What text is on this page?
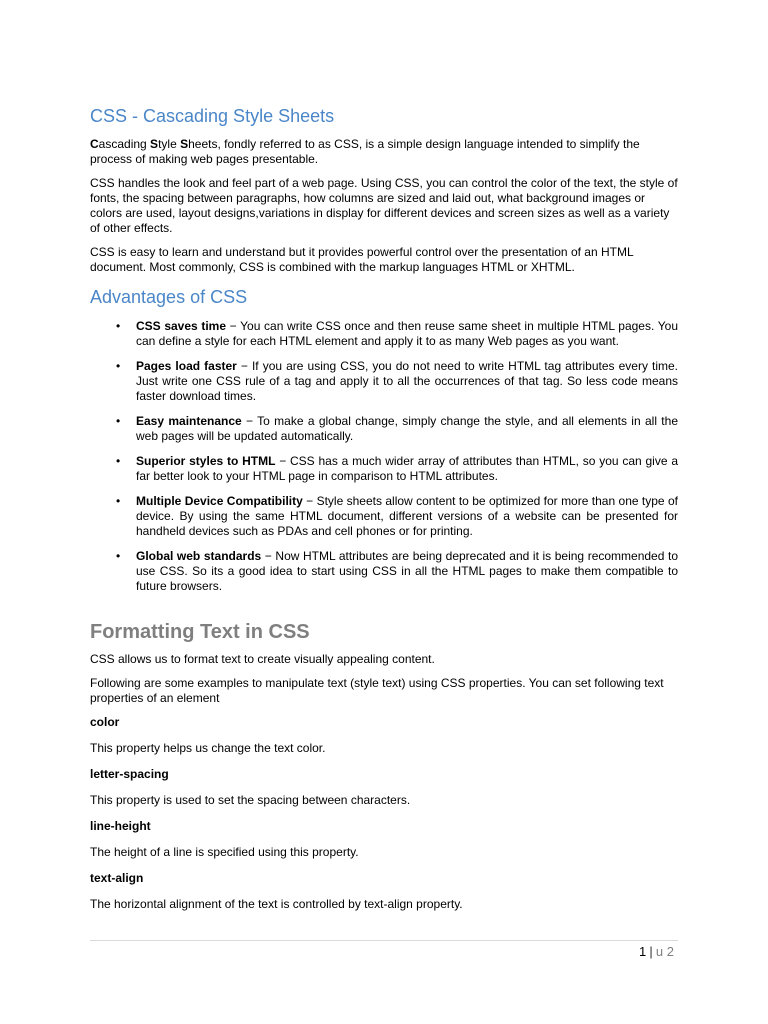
CSS - Cascading Style Sheets

Cascading Style Sheets, fondly referred to as CSS, is a simple design language intended to simplify the process of making web pages presentable.

CSS handles the look and feel part of a web page. Using CSS, you can control the color of the text, the style of fonts, the spacing between paragraphs, how columns are sized and laid out, what background images or colors are used, layout designs,variations in display for different devices and screen sizes as well as a variety of other effects.

CSS is easy to learn and understand but it provides powerful control over the presentation of an HTML document. Most commonly, CSS is combined with the markup languages HTML or XHTML.

Advantages of CSS
• CSS saves time − You can write CSS once and then reuse same sheet in multiple HTML pages. You can define a style for each HTML element and apply it to as many Web pages as you want.
• Pages load faster − If you are using CSS, you do not need to write HTML tag attributes every time. Just write one CSS rule of a tag and apply it to all the occurrences of that tag. So less code means faster download times.
• Easy maintenance − To make a global change, simply change the style, and all elements in all the web pages will be updated automatically.
• Superior styles to HTML − CSS has a much wider array of attributes than HTML, so you can give a far better look to your HTML page in comparison to HTML attributes.
• Multiple Device Compatibility − Style sheets allow content to be optimized for more than one type of device. By using the same HTML document, different versions of a website can be presented for handheld devices such as PDAs and cell phones or for printing.
• Global web standards − Now HTML attributes are being deprecated and it is being recommended to use CSS. So its a good idea to start using CSS in all the HTML pages to make them compatible to future browsers.
Formatting Text in CSS

CSS allows us to format text to create visually appealing content.

Following are some examples to manipulate text (style text) using CSS properties. You can set following text properties of an element

color
This property helps us change the text color.
letter-spacing
This property is used to set the spacing between characters.
line-height
The height of a line is specified using this property.
text-align
The horizontal alignment of the text is controlled by text-align property.
1 | u 2
